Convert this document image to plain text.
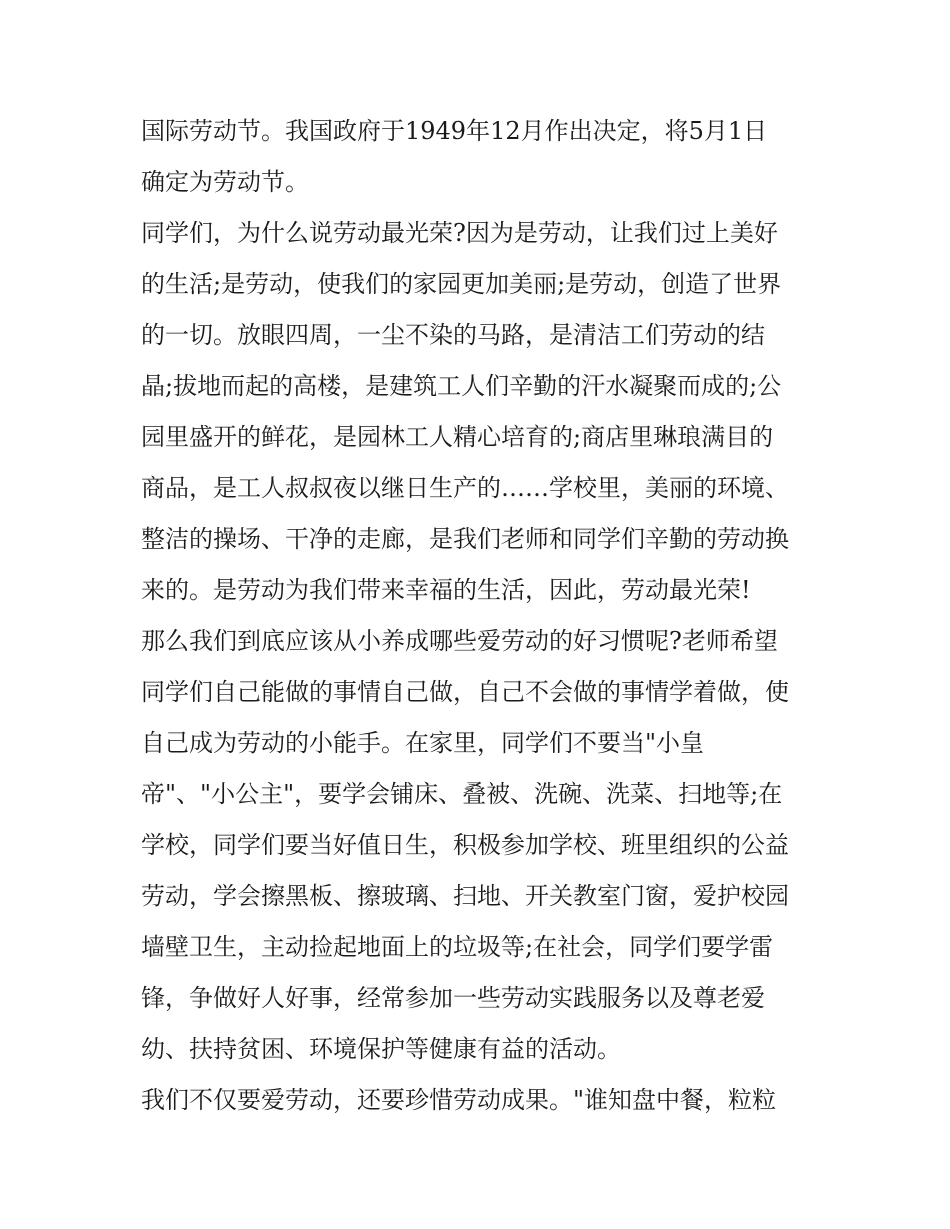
国际劳动节。我国政府于1949年12月作出决定，将5月1日
确定为劳动节。
同学们，为什么说劳动最光荣?因为是劳动，让我们过上美好
的生活;是劳动，使我们的家园更加美丽;是劳动，创造了世界
的一切。放眼四周，一尘不染的马路，是清洁工们劳动的结
晶;拔地而起的高楼，是建筑工人们辛勤的汗水凝聚而成的;公
园里盛开的鲜花，是园林工人精心培育的;商店里琳琅满目的
商品，是工人叔叔夜以继日生产的……学校里，美丽的环境、
整洁的操场、干净的走廊，是我们老师和同学们辛勤的劳动换
来的。是劳动为我们带来幸福的生活，因此，劳动最光荣!
那么我们到底应该从小养成哪些爱劳动的好习惯呢?老师希望
同学们自己能做的事情自己做，自己不会做的事情学着做，使
自己成为劳动的小能手。在家里，同学们不要当"小皇
帝"、"小公主"，要学会铺床、叠被、洗碗、洗菜、扫地等;在
学校，同学们要当好值日生，积极参加学校、班里组织的公益
劳动，学会擦黑板、擦玻璃、扫地、开关教室门窗，爱护校园
墙壁卫生，主动捡起地面上的垃圾等;在社会，同学们要学雷
锋，争做好人好事，经常参加一些劳动实践服务以及尊老爱
幼、扶持贫困、环境保护等健康有益的活动。
我们不仅要爱劳动，还要珍惜劳动成果。"谁知盘中餐，粒粒
